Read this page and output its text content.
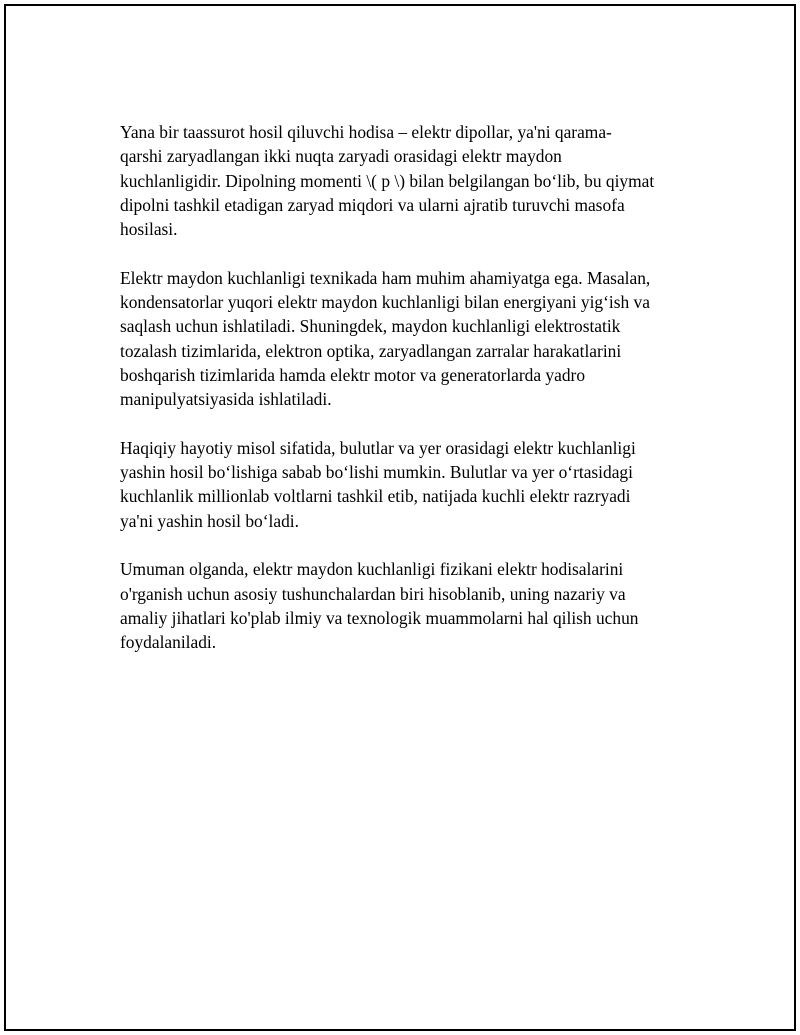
Yana bir taassurot hosil qiluvchi hodisa – elektr dipollar, ya'ni qarama-
qarshi zaryadlangan ikki nuqta zaryadi orasidagi elektr maydon
kuchlanligidir. Dipolning momenti \( p \) bilan belgilangan bo‘lib, bu qiymat
dipolni tashkil etadigan zaryad miqdori va ularni ajratib turuvchi masofa
hosilasi.

Elektr maydon kuchlanligi texnikada ham muhim ahamiyatga ega. Masalan,
kondensatorlar yuqori elektr maydon kuchlanligi bilan energiyani yig‘ish va
saqlash uchun ishlatiladi. Shuningdek, maydon kuchlanligi elektrostatik
tozalash tizimlarida, elektron optika, zaryadlangan zarralar harakatlarini
boshqarish tizimlarida hamda elektr motor va generatorlarda yadro
manipulyatsiyasida ishlatiladi.

Haqiqiy hayotiy misol sifatida, bulutlar va yer orasidagi elektr kuchlanligi
yashin hosil bo‘lishiga sabab bo‘lishi mumkin. Bulutlar va yer o‘rtasidagi
kuchlanlik millionlab voltlarni tashkil etib, natijada kuchli elektr razryadi
ya'ni yashin hosil bo‘ladi.

Umuman olganda, elektr maydon kuchlanligi fizikani elektr hodisalarini
o'rganish uchun asosiy tushunchalardan biri hisoblanib, uning nazariy va
amaliy jihatlari ko'plab ilmiy va texnologik muammolarni hal qilish uchun
foydalaniladi.
